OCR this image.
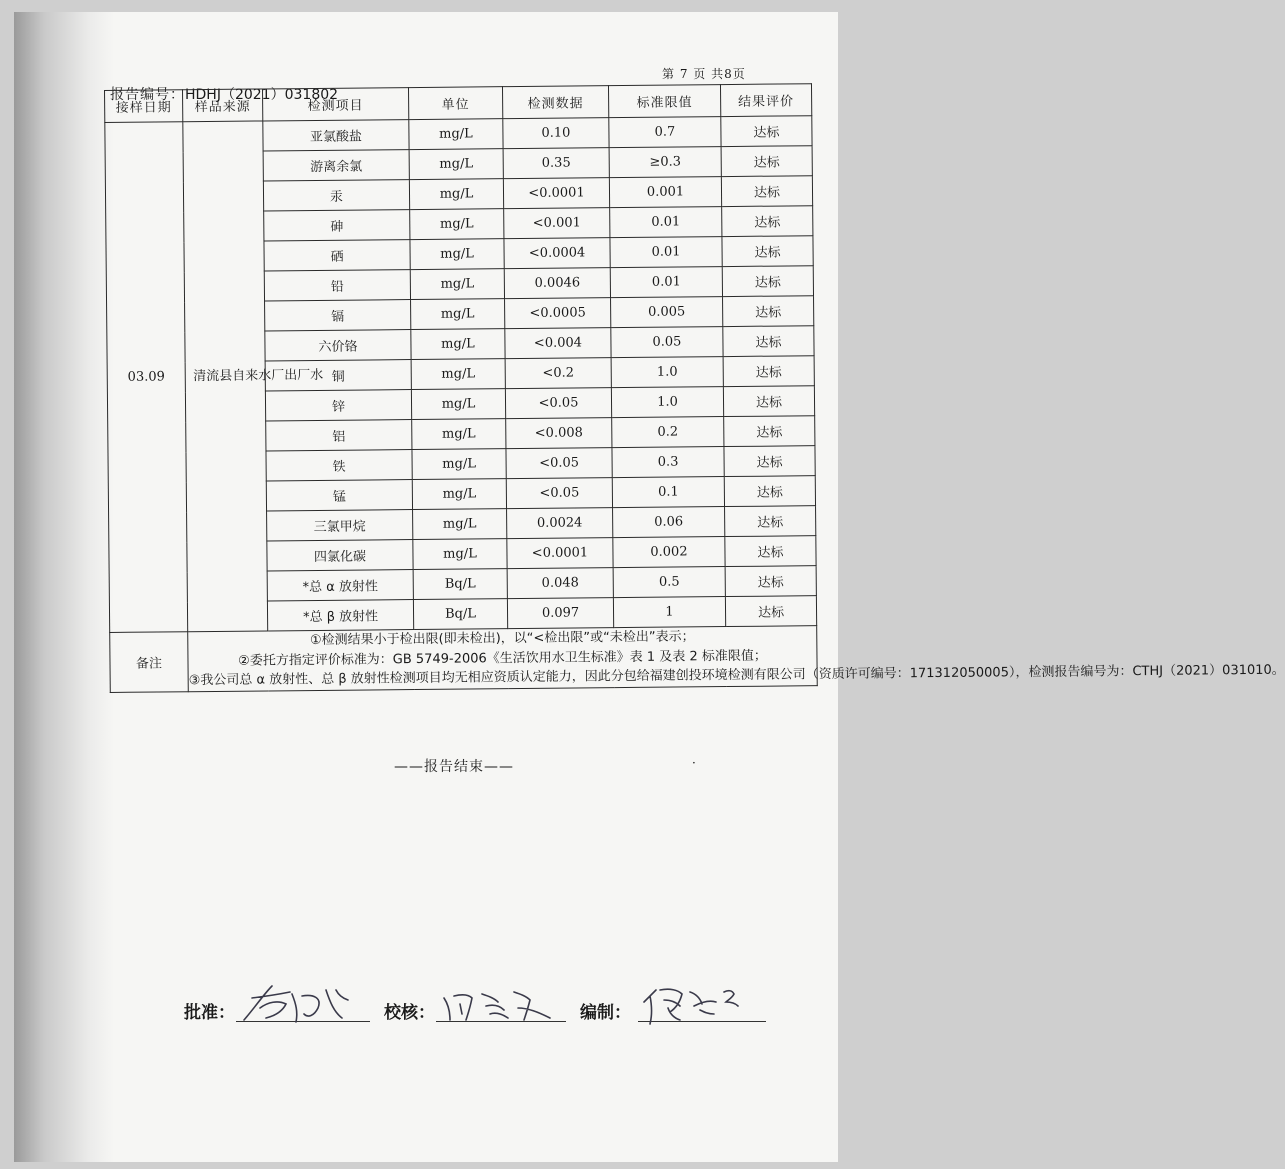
第 7 页 共8页
报告编号：HDHJ（2021）031802
接样日期	样品来源	检测项目	单位	检测数据	标准限值	结果评价
03.09	清流县自来水厂出厂水	亚氯酸盐	mg/L	0.10	0.7	达标
		游离余氯	mg/L	0.35	≥0.3	达标
		汞	mg/L	<0.0001	0.001	达标
		砷	mg/L	<0.001	0.01	达标
		硒	mg/L	<0.0004	0.01	达标
		铅	mg/L	0.0046	0.01	达标
		镉	mg/L	<0.0005	0.005	达标
		六价铬	mg/L	<0.004	0.05	达标
		铜	mg/L	<0.2	1.0	达标
		锌	mg/L	<0.05	1.0	达标
		铝	mg/L	<0.008	0.2	达标
		铁	mg/L	<0.05	0.3	达标
		锰	mg/L	<0.05	0.1	达标
		三氯甲烷	mg/L	0.0024	0.06	达标
		四氯化碳	mg/L	<0.0001	0.002	达标
		*总 α 放射性	Bq/L	0.048	0.5	达标
		*总 β 放射性	Bq/L	0.097	1	达标
备注	①检测结果小于检出限(即未检出)，以“<检出限”或“未检出”表示；
②委托方指定评价标准为：GB 5749-2006《生活饮用水卫生标准》表 1 及表 2 标准限值；
③我公司总 α 放射性、总 β 放射性检测项目均无相应资质认定能力，因此分包给福建创投环境检测有限公司（资质许可编号：171312050005），检测报告编号为：CTHJ（2021）031010。					
——报告结束——	·
批准：	校核：	编制：
